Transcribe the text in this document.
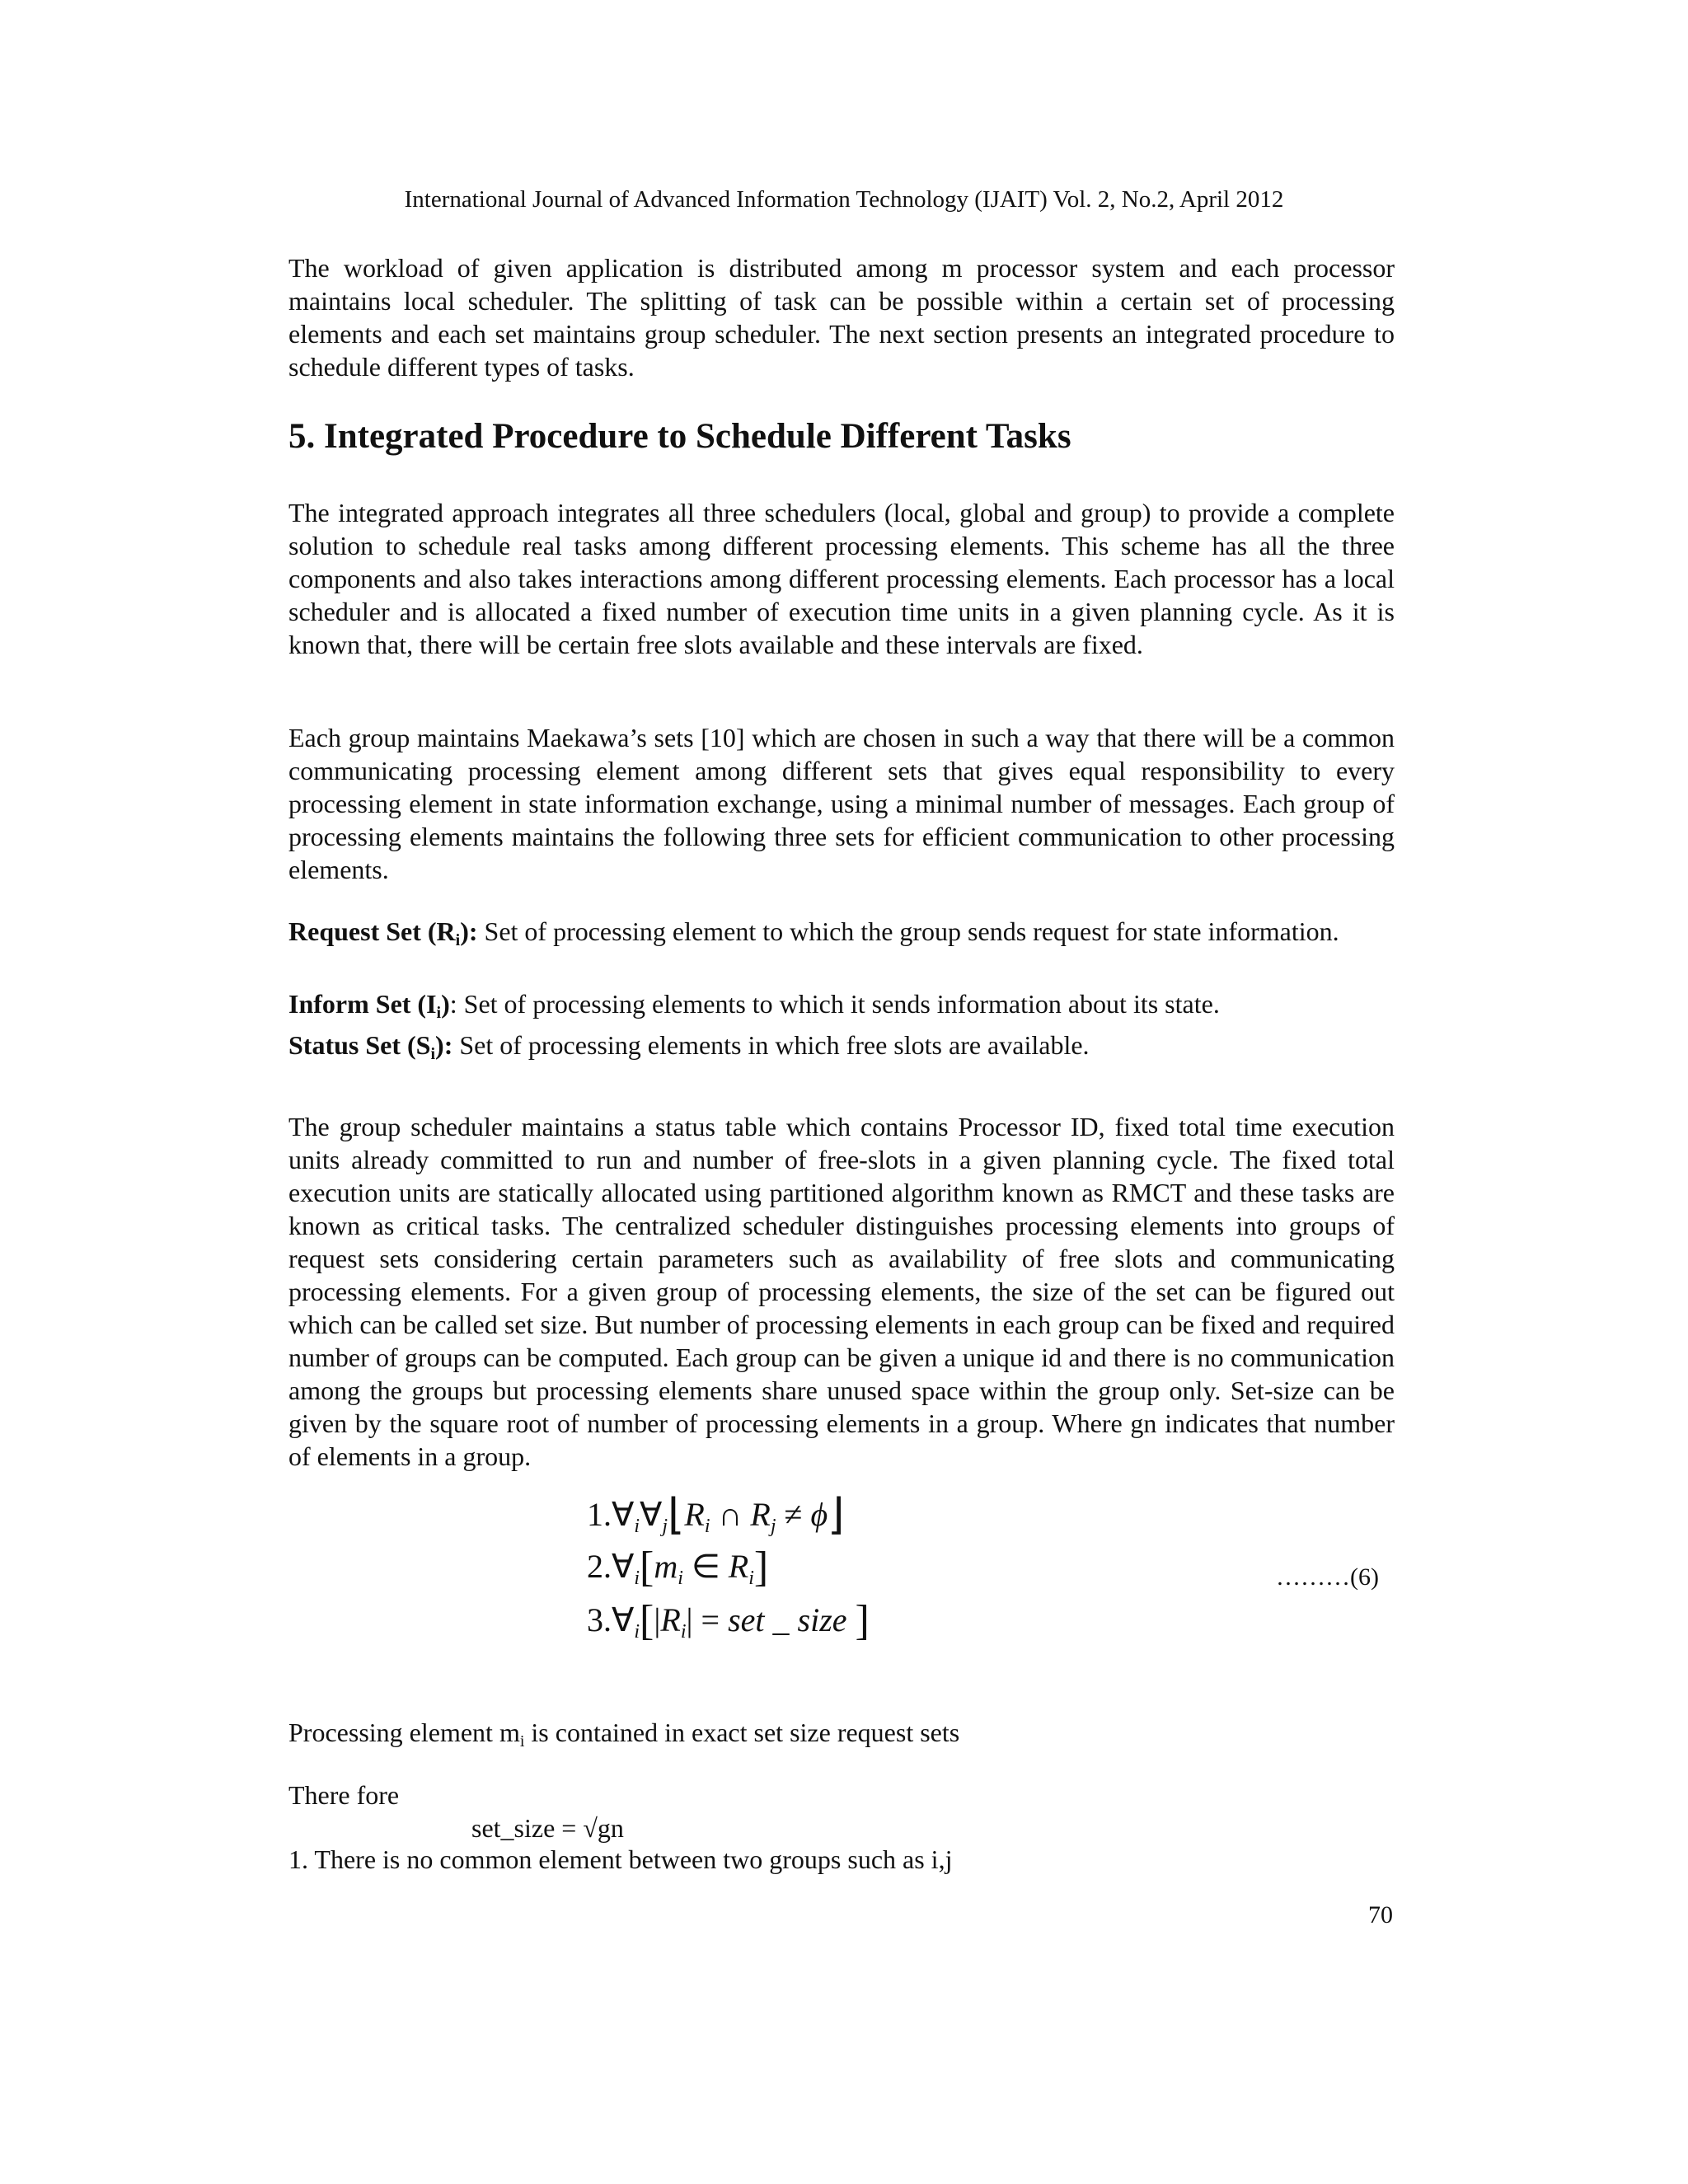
International Journal of Advanced Information Technology (IJAIT) Vol. 2, No.2, April 2012
The workload of given application is distributed among m processor system and each processor maintains local scheduler. The splitting of task can be possible within a certain set of processing elements and each set maintains group scheduler. The next section presents an integrated procedure to schedule different types of tasks.
5. Integrated Procedure to Schedule Different Tasks
The integrated approach integrates all three schedulers (local, global and group) to provide a complete solution to schedule real tasks among different processing elements. This scheme has all the three components and also takes interactions among different processing elements. Each processor has a local scheduler and is allocated a fixed number of execution time units in a given planning cycle. As it is known that, there will be certain free slots available and these intervals are fixed.
Each group maintains Maekawa’s sets [10] which are chosen in such a way that there will be a common communicating processing element among different sets that gives equal responsibility to every processing element in state information exchange, using a minimal number of messages. Each group of processing elements maintains the following three sets for efficient communication to other processing elements.
Request Set $(R_i)$: Set of processing element to which the group sends request for state information.
Inform Set $(I_i)$: Set of processing elements to which it sends information about its state.
Status Set $(S_i)$: Set of processing elements in which free slots are available.
The group scheduler maintains a status table which contains Processor ID, fixed total time execution units already committed to run and number of free-slots in a given planning cycle. The fixed total execution units are statically allocated using partitioned algorithm known as RMCT and these tasks are known as critical tasks. The centralized scheduler distinguishes processing elements into groups of request sets considering certain parameters such as availability of free slots and communicating processing elements. For a given group of processing elements, the size of the set can be figured out which can be called set size. But number of processing elements in each group can be fixed and required number of groups can be computed. Each group can be given a unique id and there is no communication among the groups but processing elements share unused space within the group only. Set-size can be given by the square root of number of processing elements in a group. Where gn indicates that number of elements in a group.
$1.\forall_i\forall_j⌊R_i$ ∩ $R_j$ ≠ ϕ⌋
$2.\forall_i[m_i$ ∈ $R_i$]
$3.\forall_i[|R_i|$ = set _ size ]
………(6)
Processing element $m_i$ is contained in exact set size request sets
There fore
set_size = √gn
1. There is no common element between two groups such as i,j
70
